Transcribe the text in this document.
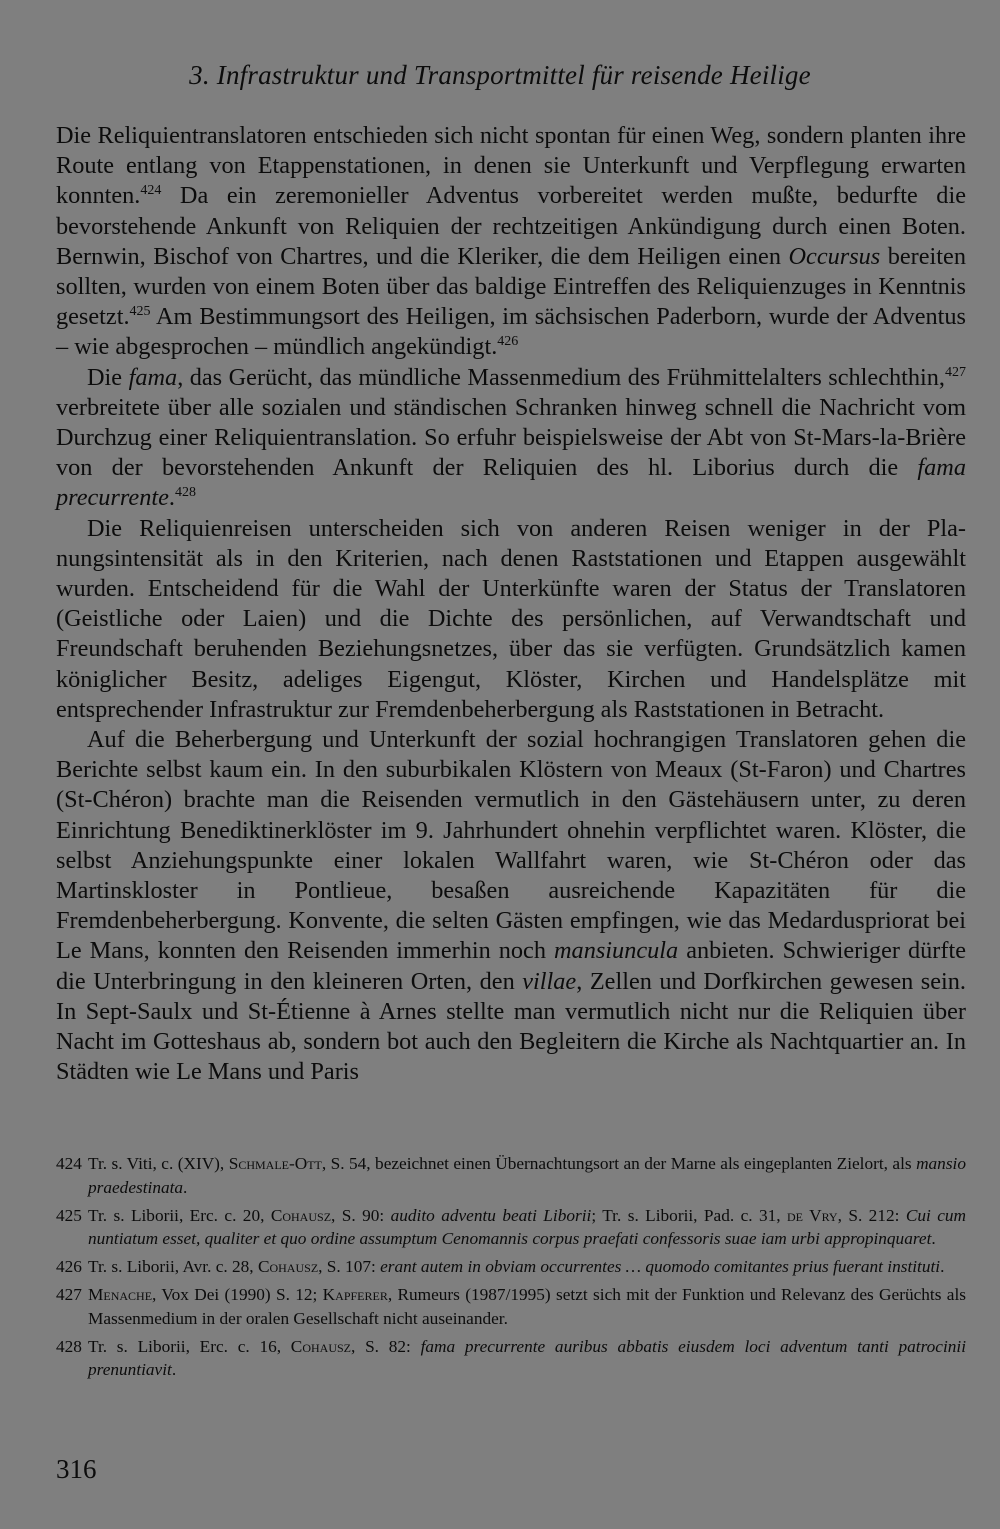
3. Infrastruktur und Transportmittel für reisende Heilige

Die Reliquientranslatoren entschieden sich nicht spontan für einen Weg, sondern planten ihre Route entlang von Etappenstationen, in denen sie Unterkunft und Verpflegung erwarten konnten.$^{424}$ Da ein zeremonieller Adventus vorbereitet werden mußte, bedurfte die bevorstehende Ankunft von Reliquien der rechtzeitigen Ankündigung durch einen Boten. Bernwin, Bischof von Chartres, und die Kleriker, die dem Heiligen einen Occursus bereiten sollten, wurden von einem Boten über das baldige Eintreffen des Reliquienzuges in Kenntnis gesetzt.$^{425}$ Am Bestimmungsort des Heiligen, im sächsischen Paderborn, wurde der Adventus – wie abgesprochen – mündlich angekündigt.$^{426}$

Die fama, das Gerücht, das mündliche Massenmedium des Frühmittelalters schlechthin,$^{427}$ verbreitete über alle sozialen und ständischen Schranken hinweg schnell die Nachricht vom Durchzug einer Reliquientranslation. So erfuhr beispielsweise der Abt von St-Mars-la-Brière von der bevorstehenden Ankunft der Reliquien des hl. Liborius durch die fama precurrente.$^{428}$

Die Reliquienreisen unterscheiden sich von anderen Reisen weniger in der Planungsintensität als in den Kriterien, nach denen Raststationen und Etappen ausgewählt wurden. Entscheidend für die Wahl der Unterkünfte waren der Status der Translatoren (Geistliche oder Laien) und die Dichte des persönlichen, auf Verwandtschaft und Freundschaft beruhenden Beziehungsnetzes, über das sie verfügten. Grundsätzlich kamen königlicher Besitz, adeliges Eigengut, Klöster, Kirchen und Handelsplätze mit entsprechender Infrastruktur zur Fremdenbeherbergung als Raststationen in Betracht.

Auf die Beherbergung und Unterkunft der sozial hochrangigen Translatoren gehen die Berichte selbst kaum ein. In den suburbikalen Klöstern von Meaux (St-Faron) und Chartres (St-Chéron) brachte man die Reisenden vermutlich in den Gästehäusern unter, zu deren Einrichtung Benediktinerklöster im 9. Jahrhundert ohnehin verpflichtet waren. Klöster, die selbst Anziehungspunkte einer lokalen Wallfahrt waren, wie St-Chéron oder das Martinskloster in Pontlieue, besaßen ausreichende Kapazitäten für die Fremdenbeherbergung. Konvente, die selten Gästen empfingen, wie das Medarduspriorat bei Le Mans, konnten den Reisenden immerhin noch mansiuncula anbieten. Schwieriger dürfte die Unterbringung in den kleineren Orten, den villae, Zellen und Dorfkirchen gewesen sein. In Sept-Saulx und St-Étienne à Arnes stellte man vermutlich nicht nur die Reliquien über Nacht im Gotteshaus ab, sondern bot auch den Begleitern die Kirche als Nachtquartier an. In Städten wie Le Mans und Paris

424 Tr. s. Viti, c. (XIV), Schmale-Ott, S. 54, bezeichnet einen Übernachtungsort an der Marne als eingeplanten Zielort, als mansio praedestinata.
425 Tr. s. Liborii, Erc. c. 20, Cohausz, S. 90: audito adventu beati Liborii; Tr. s. Liborii, Pad. c. 31, de Vry, S. 212: Cui cum nuntiatum esset, qualiter et quo ordine assumptum Cenomannis corpus praefati confessoris suae iam urbi appropinquaret.
426 Tr. s. Liborii, Avr. c. 28, Cohausz, S. 107: erant autem in obviam occurrentes … quomodo comitantes prius fuerant instituti.
427 Menache, Vox Dei (1990) S. 12; Kapferer, Rumeurs (1987/1995) setzt sich mit der Funktion und Relevanz des Gerüchts als Massenmedium in der oralen Gesellschaft nicht auseinander.
428 Tr. s. Liborii, Erc. c. 16, Cohausz, S. 82: fama precurrente auribus abbatis eiusdem loci adventum tanti patrocinii prenuntiavit.
316
